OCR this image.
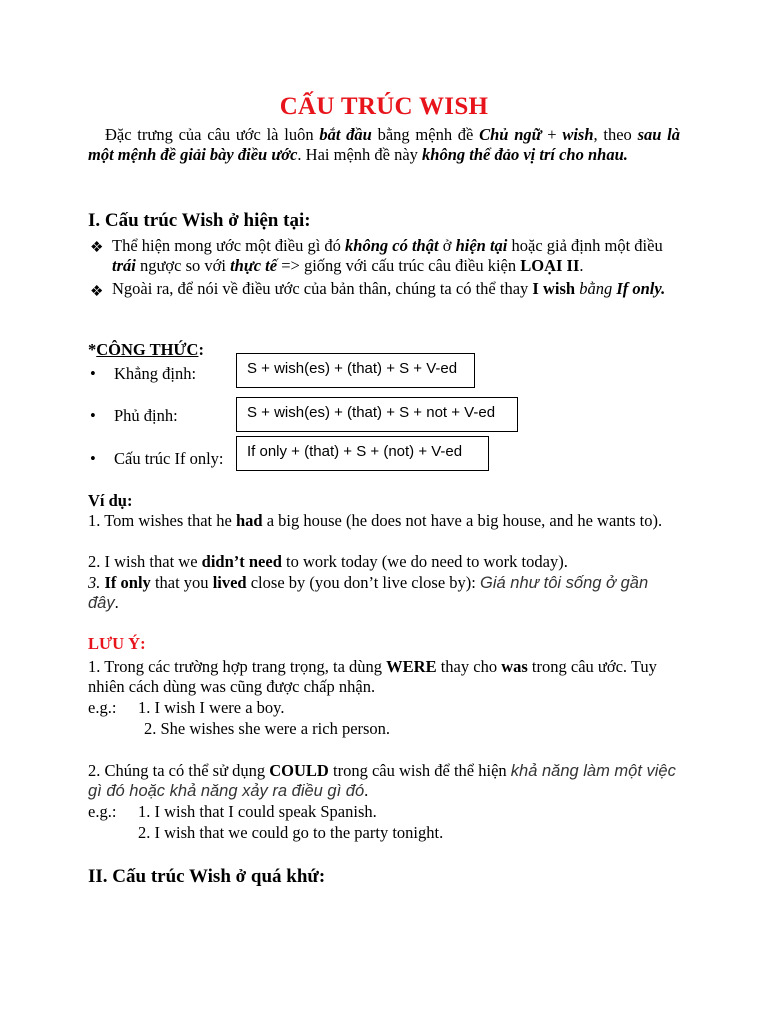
CẤU TRÚC WISH
Đặc trưng của câu ước là luôn bắt đầu bằng mệnh đề Chủ ngữ + wish, theo sau là một mệnh đề giải bày điều ước. Hai mệnh đề này không thể đảo vị trí cho nhau.
I. Cấu trúc Wish ở hiện tại:
❖ Thể hiện mong ước một điều gì đó không có thật ở hiện tại hoặc giả định một điều trái ngược so với thực tế => giống với cấu trúc câu điều kiện LOẠI II.
❖ Ngoài ra, để nói về điều ước của bản thân, chúng ta có thể thay I wish bằng If only.
*CÔNG THỨC:
• Khẳng định:	S + wish(es) + (that) + S + V-ed
• Phủ định:	S + wish(es) + (that) + S + not + V-ed
• Cấu trúc If only:	If only + (that) + S + (not) + V-ed
Ví dụ:
1. Tom wishes that he had a big house (he does not have a big house, and he wants to).
2. I wish that we didn’t need to work today (we do need to work today).
3. If only that you lived close by (you don’t live close by): Giá như tôi sống ở gần đây.
LƯU Ý:
1. Trong các trường hợp trang trọng, ta dùng WERE thay cho was trong câu ước. Tuy nhiên cách dùng was cũng được chấp nhận.
e.g.: 1. I wish I were a boy.
2. She wishes she were a rich person.
2. Chúng ta có thể sử dụng COULD trong câu wish để thể hiện khả năng làm một việc gì đó hoặc khả năng xảy ra điều gì đó.
e.g.: 1. I wish that I could speak Spanish.
2. I wish that we could go to the party tonight.
II. Cấu trúc Wish ở quá khứ:
